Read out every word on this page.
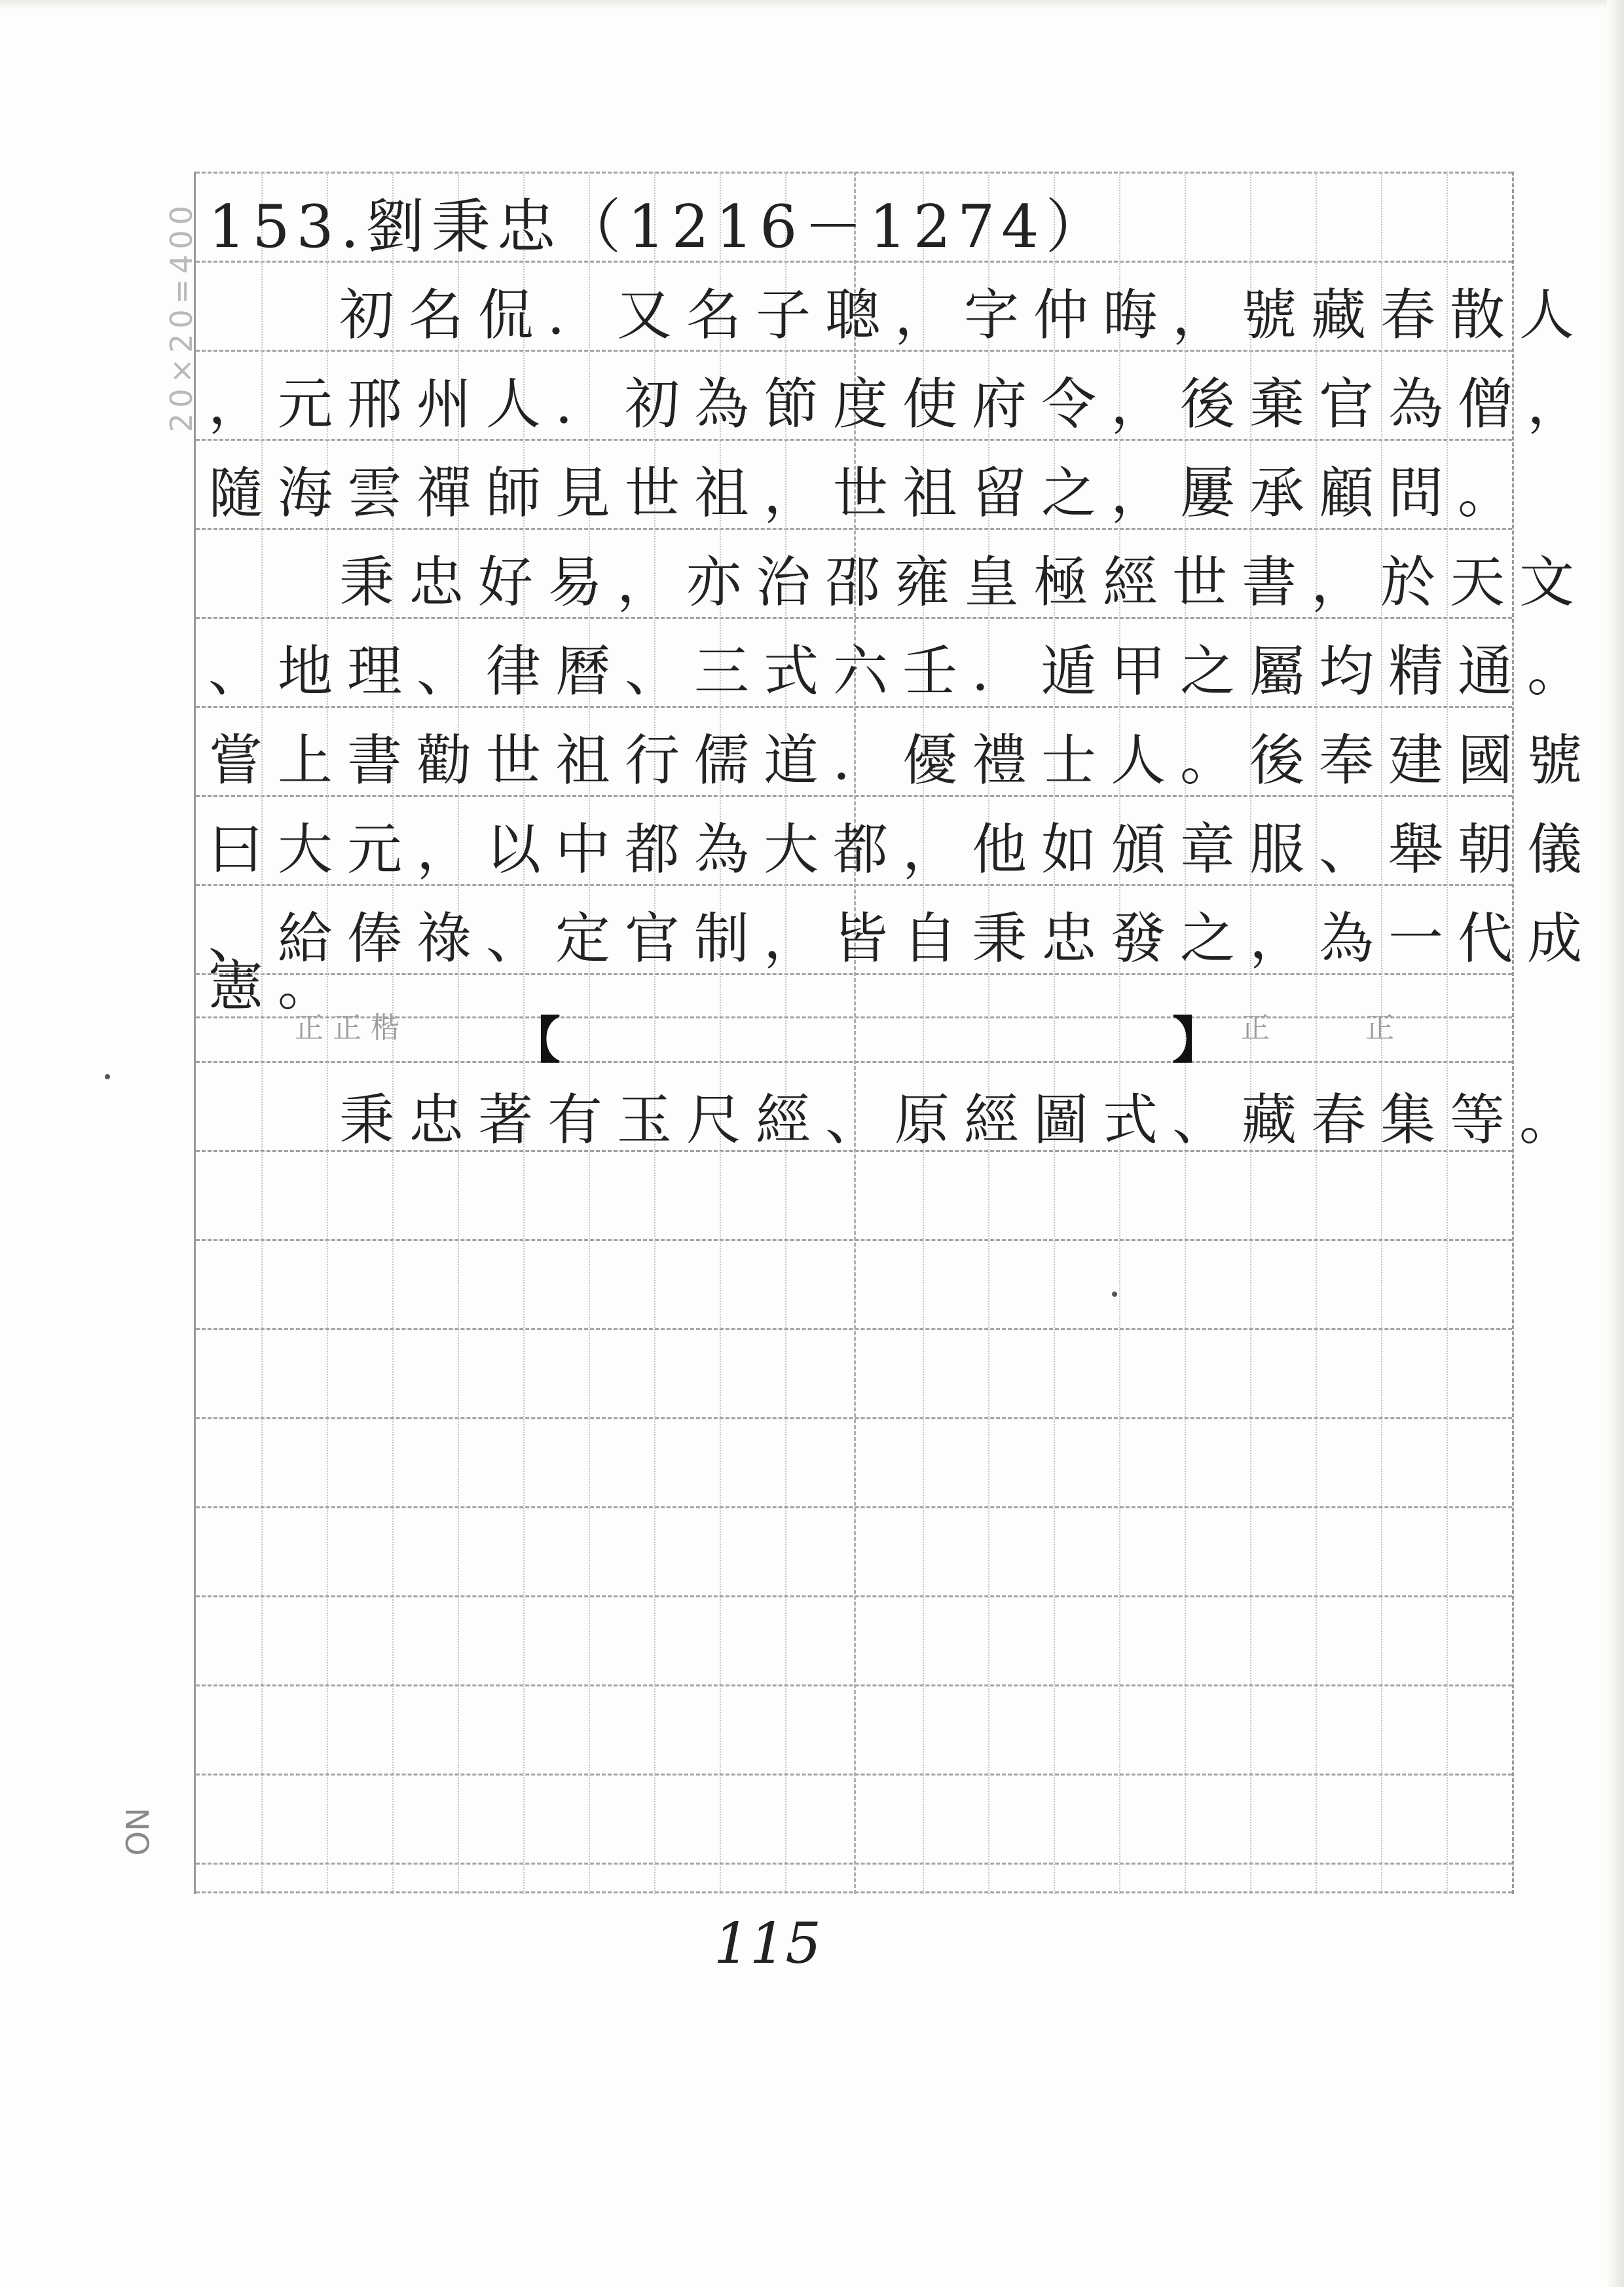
20×20=400
NO
153.劉秉忠（1216－1274）
初名侃．又名子聰，字仲晦，號藏春散人
，元邢州人．初為節度使府令，後棄官為僧，
隨海雲禪師見世祖，世祖留之，屢承顧問。
秉忠好易，亦治邵雍皇極經世書，於天文
、地理、律曆、三式六壬．遁甲之屬均精通。
嘗上書勸世祖行儒道．優禮士人。後奉建國號
曰大元，以中都為大都，他如頒章服、舉朝儀
、給俸祿、定官制，皆自秉忠發之，為一代成
憲。
正 正 楷 【	】 正	正
秉忠著有玉尺經、原經圖式、藏春集等。
115
